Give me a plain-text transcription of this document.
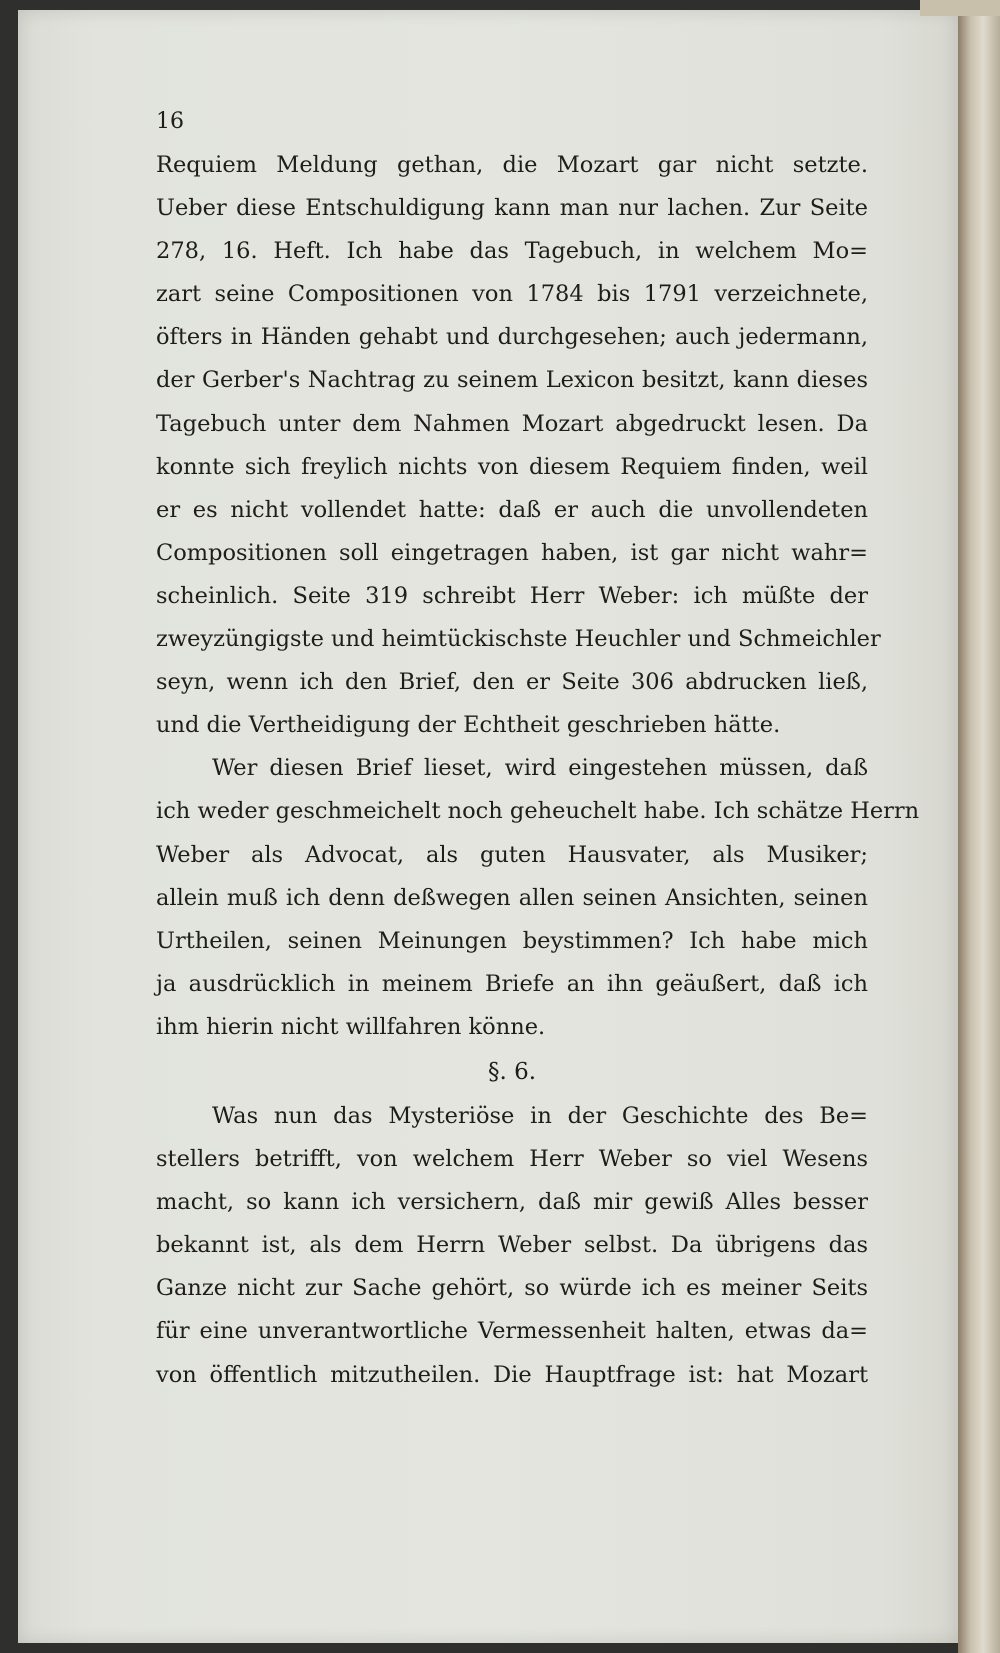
16
Requiem Meldung gethan, die Mozart gar nicht setzte.
Ueber diese Entschuldigung kann man nur lachen. Zur Seite
278, 16. Heft. Ich habe das Tagebuch, in welchem Mo=
zart seine Compositionen von 1784 bis 1791 verzeichnete,
öfters in Händen gehabt und durchgesehen; auch jedermann,
der Gerber's Nachtrag zu seinem Lexicon besitzt, kann dieses
Tagebuch unter dem Nahmen Mozart abgedruckt lesen. Da
konnte sich freylich nichts von diesem Requiem finden, weil
er es nicht vollendet hatte: daß er auch die unvollendeten
Compositionen soll eingetragen haben, ist gar nicht wahr=
scheinlich. Seite 319 schreibt Herr Weber: ich müßte der
zweyzüngigste und heimtückischste Heuchler und Schmeichler
seyn, wenn ich den Brief, den er Seite 306 abdrucken ließ,
und die Vertheidigung der Echtheit geschrieben hätte.
Wer diesen Brief lieset, wird eingestehen müssen, daß
ich weder geschmeichelt noch geheuchelt habe. Ich schätze Herrn
Weber als Advocat, als guten Hausvater, als Musiker;
allein muß ich denn deßwegen allen seinen Ansichten, seinen
Urtheilen, seinen Meinungen beystimmen? Ich habe mich
ja ausdrücklich in meinem Briefe an ihn geäußert, daß ich
ihm hierin nicht willfahren könne.
§. 6.
Was nun das Mysteriöse in der Geschichte des Be=
stellers betrifft, von welchem Herr Weber so viel Wesens
macht, so kann ich versichern, daß mir gewiß Alles besser
bekannt ist, als dem Herrn Weber selbst. Da übrigens das
Ganze nicht zur Sache gehört, so würde ich es meiner Seits
für eine unverantwortliche Vermessenheit halten, etwas da=
von öffentlich mitzutheilen. Die Hauptfrage ist: hat Mozart
